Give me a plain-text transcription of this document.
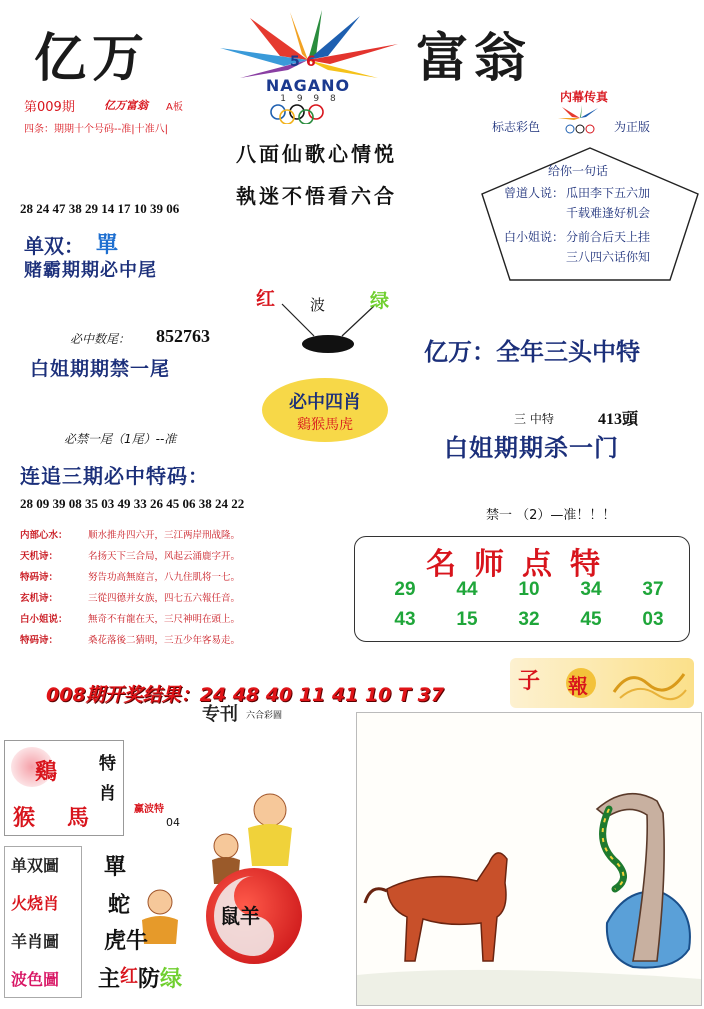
亿万	富翁
5 6
NAGANO
1 9 9 8
第009期	亿万富翁 A板
四条：期期十个号码--准|十准八|
内幕传真
标志彩色	为正版
八面仙歌心情悦
執迷不悟看六合
28 24 47 38 29 14 17 10 39 06
单双： 單
赌霸期期必中尾
给你一句话
曾道人说： 瓜田李下五六加
千载难逢好机会
白小姐说： 分前合后天上挂
三八四六话你知
红 波 绿
必中数尾： 852763
亿万：全年三头中特
白姐期期禁一尾
必中四肖
鷄猴馬虎	三 中特	413頭
必禁一尾（1尾）--准	白姐期期杀一门
连追三期必中特码：
28 09 39 08 35 03 49 33 26 45 06 38 24 22
禁一 （2）—准！！！
内部心水：	顺水推舟四六开，三江两岸刑战隆。
天机诗：	名扬天下三合局，风起云涌鹿字开。
特码诗：	努告功高無庭言，八九住肌将一七。
玄机诗：	三從四德并女族，四七五六報任音。
白小姐说：	無奇不有龍在天，三尺神明在頭上。
特码诗：	桑花落後二猜明，三五少年客易走。
名师点特
29	44	10	34	37
43	15	32	45	03
008期开奖结果：24 48 40 11 41 10 T 37
子 報
专刊 六合彩圖
鷄
猴 馬
特肖
赢波特
04
单双圖
火烧肖
羊肖圖
波色圖
單
蛇
虎牛
鼠羊
主 红 防 绿
